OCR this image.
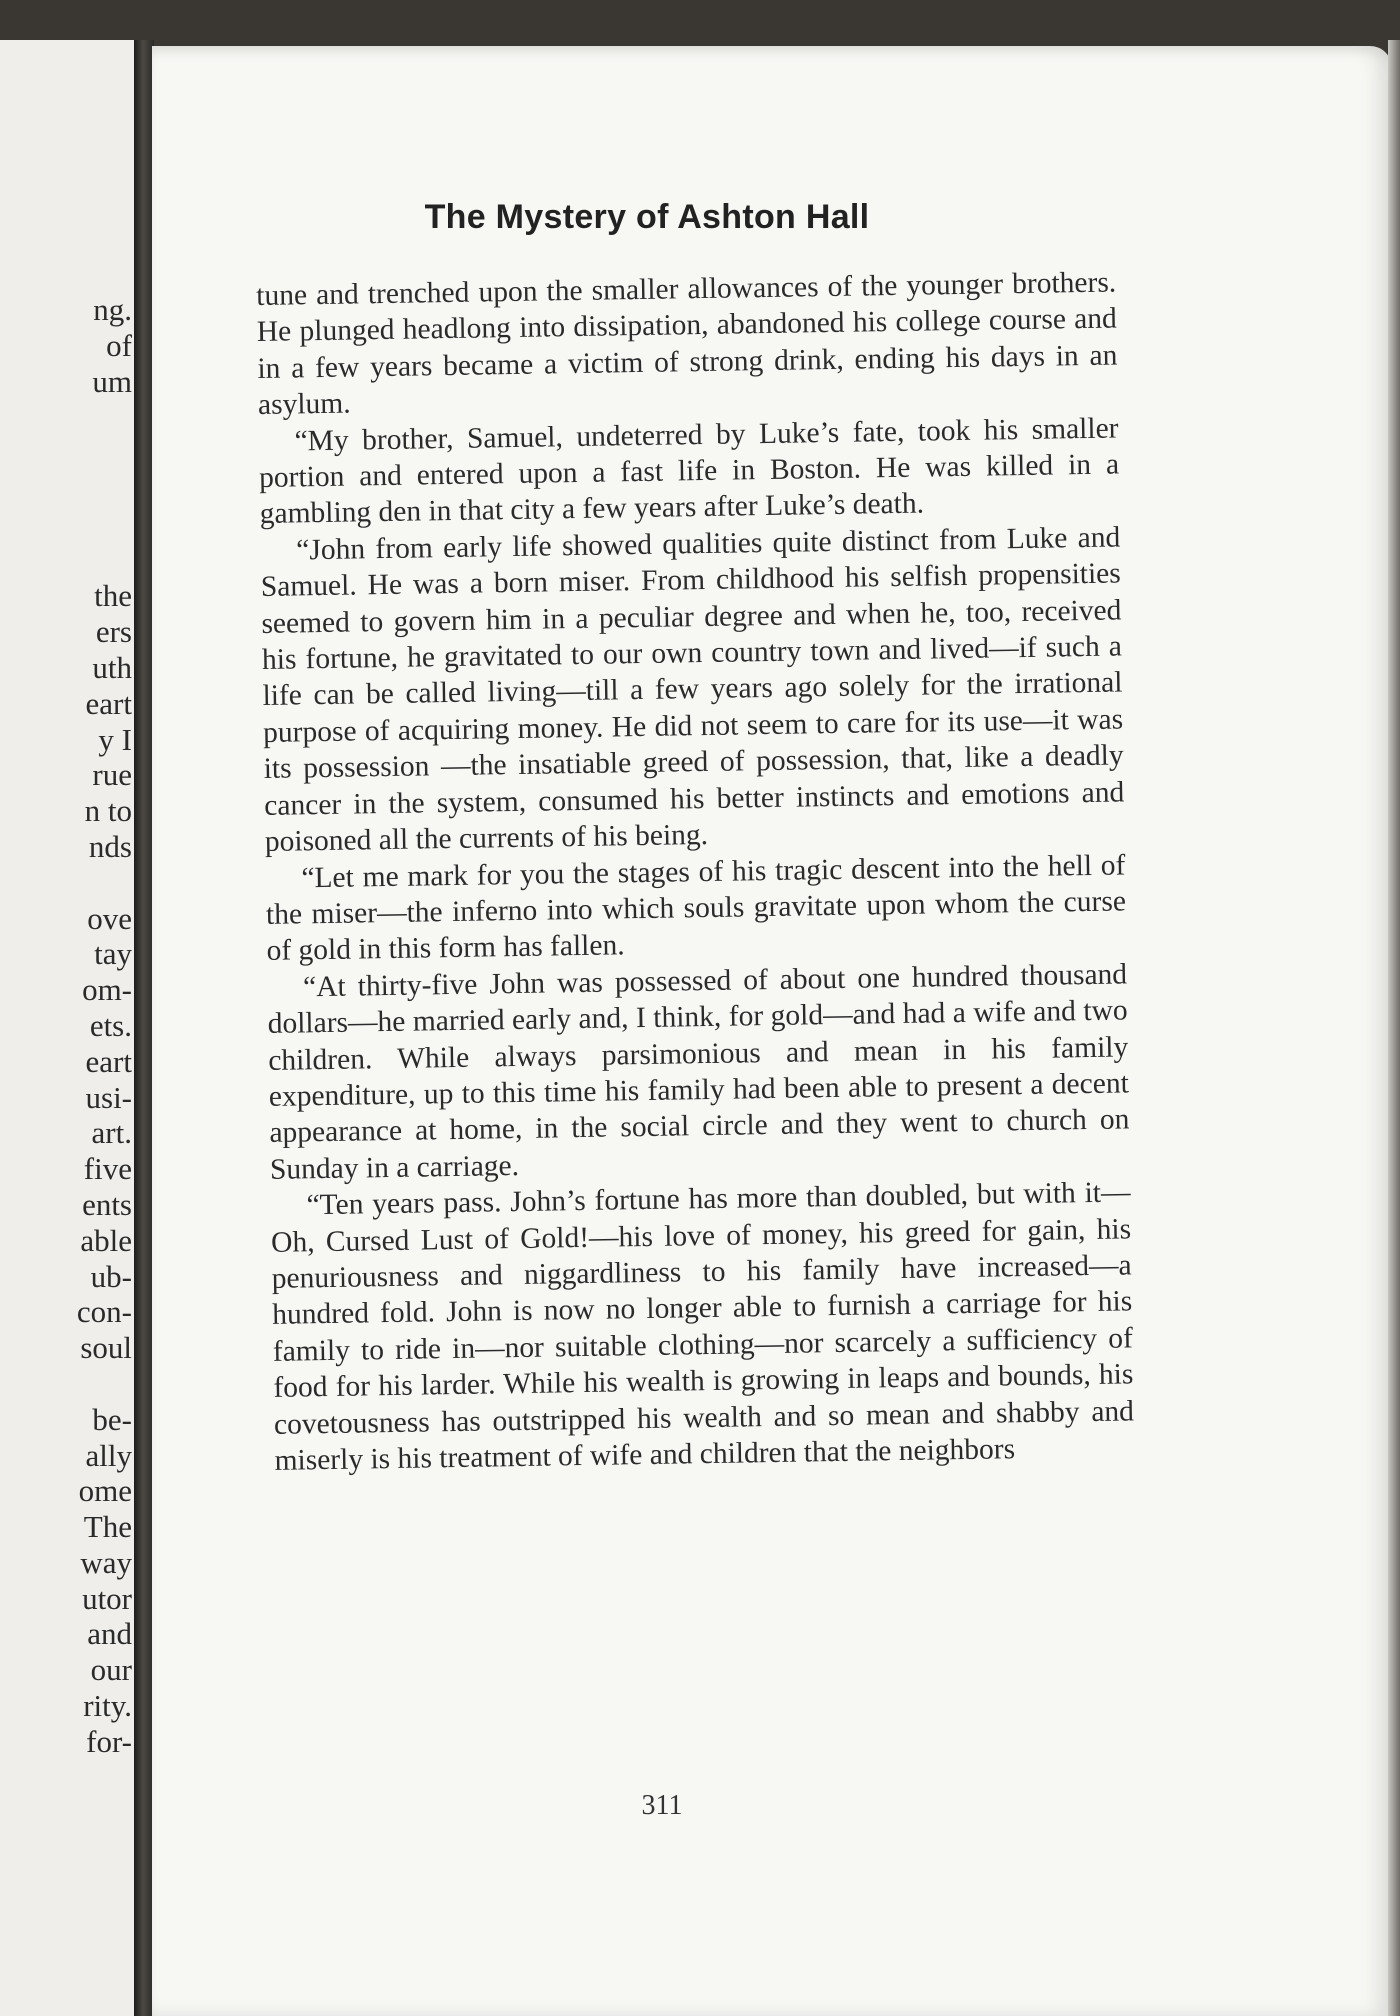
ng.
of
um
the
ers
uth
eart
y I
rue
n to
nds
ove
tay
om-
ets.
eart
usi-
art.
five
ents
able
ub-
con-
soul
be-
ally
ome
The
way
utor
and
our
rity.
for-
The Mystery of Ashton Hall

tune and trenched upon the smaller allowances of the younger brothers. He plunged headlong into dissipation, abandoned his college course and in a few years became a victim of strong drink, ending his days in an asylum.

“My brother, Samuel, undeterred by Luke’s fate, took his smaller portion and entered upon a fast life in Boston. He was killed in a gambling den in that city a few years after Luke’s death.

“John from early life showed qualities quite distinct from Luke and Samuel. He was a born miser. From childhood his selfish propensities seemed to govern him in a peculiar degree and when he, too, received his fortune, he gravitated to our own country town and lived—if such a life can be called living—till a few years ago solely for the irrational purpose of acquiring money. He did not seem to care for its use—it was its possession —the insatiable greed of possession, that, like a deadly cancer in the system, consumed his better instincts and emotions and poisoned all the currents of his being.

“Let me mark for you the stages of his tragic descent into the hell of the miser—the inferno into which souls gravitate upon whom the curse of gold in this form has fallen.

“At thirty-five John was possessed of about one hundred thousand dollars—he married early and, I think, for gold—and had a wife and two children. While always parsimonious and mean in his family expenditure, up to this time his family had been able to present a decent appearance at home, in the social circle and they went to church on Sunday in a carriage.

“Ten years pass. John’s fortune has more than doubled, but with it—Oh, Cursed Lust of Gold!—his love of money, his greed for gain, his penuriousness and niggardliness to his family have increased—a hundred fold. John is now no longer able to furnish a carriage for his family to ride in—nor suitable clothing—nor scarcely a sufficiency of food for his larder. While his wealth is growing in leaps and bounds, his covetousness has outstripped his wealth and so mean and shabby and miserly is his treatment of wife and children that the neighbors

311
